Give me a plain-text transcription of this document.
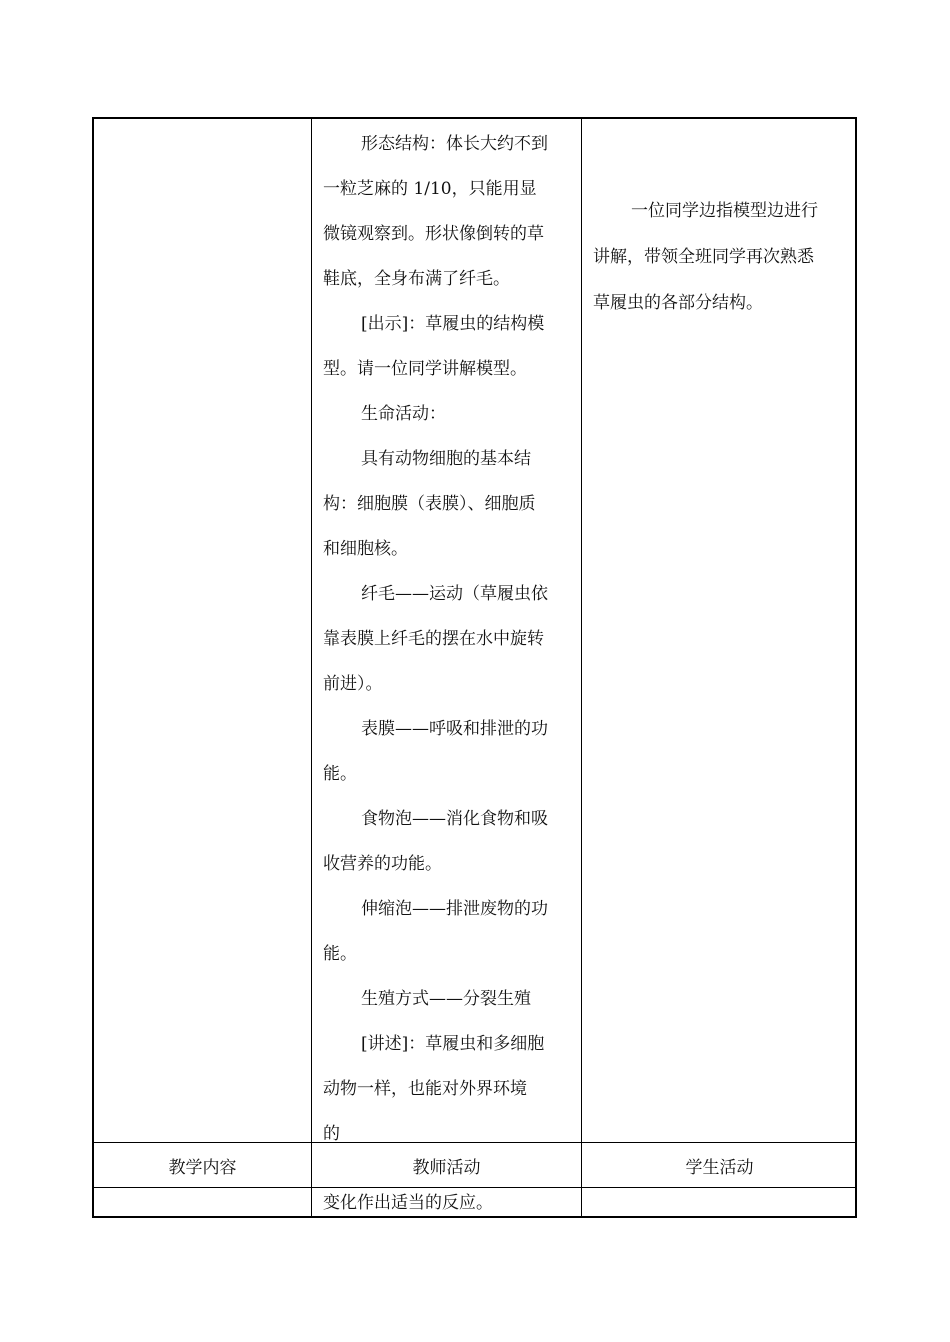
形态结构：体长大约不到

一粒芝麻的 1/10，只能用显

微镜观察到。形状像倒转的草

鞋底，全身布满了纤毛。

[出示]：草履虫的结构模

型。请一位同学讲解模型。

生命活动：

具有动物细胞的基本结

构：细胞膜（表膜）、细胞质

和细胞核。

纤毛——运动（草履虫依

靠表膜上纤毛的摆在水中旋转

前进）。

表膜——呼吸和排泄的功

能。

食物泡——消化食物和吸

收营养的功能。

伸缩泡——排泄废物的功

能。

生殖方式——分裂生殖

[讲述]：草履虫和多细胞

动物一样，也能对外界环境

的

一位同学边指模型边进行

讲解，带领全班同学再次熟悉

草履虫的各部分结构。

教学内容	教师活动	学生活动
变化作出适当的反应。
